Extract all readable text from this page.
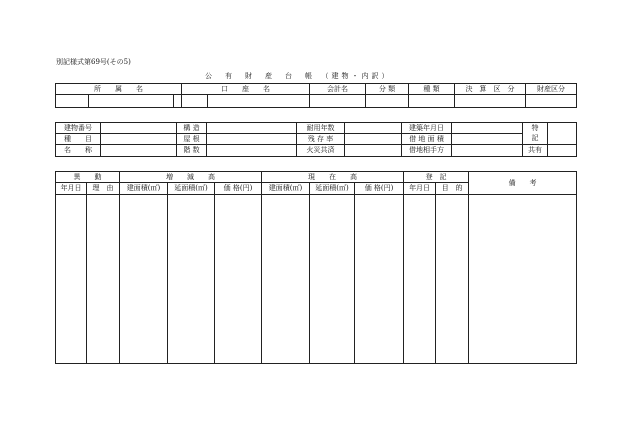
別記様式第69号(その5)
公　有　財　産　台　帳　（建物・内訳）
所　　属　　名	口　　座　　名	会計名	分 類	種 類	決　算　区　分	財産区分

建物番号		構 造		耐用年数		建築年月日		特	
種　　目		屋 根		残 存 率		借 地 面 積		記	
名　　称		階 数		火災共済		借地相手方		共有	
異　　動		増　　減　　高			現　　在　　高			登　記		備　　考
年月日	理　由	建面積(㎡)	延面積(㎡)	価 格(円)	建面積(㎡)	延面積(㎡)	価 格(円)	年月日	目　的	
